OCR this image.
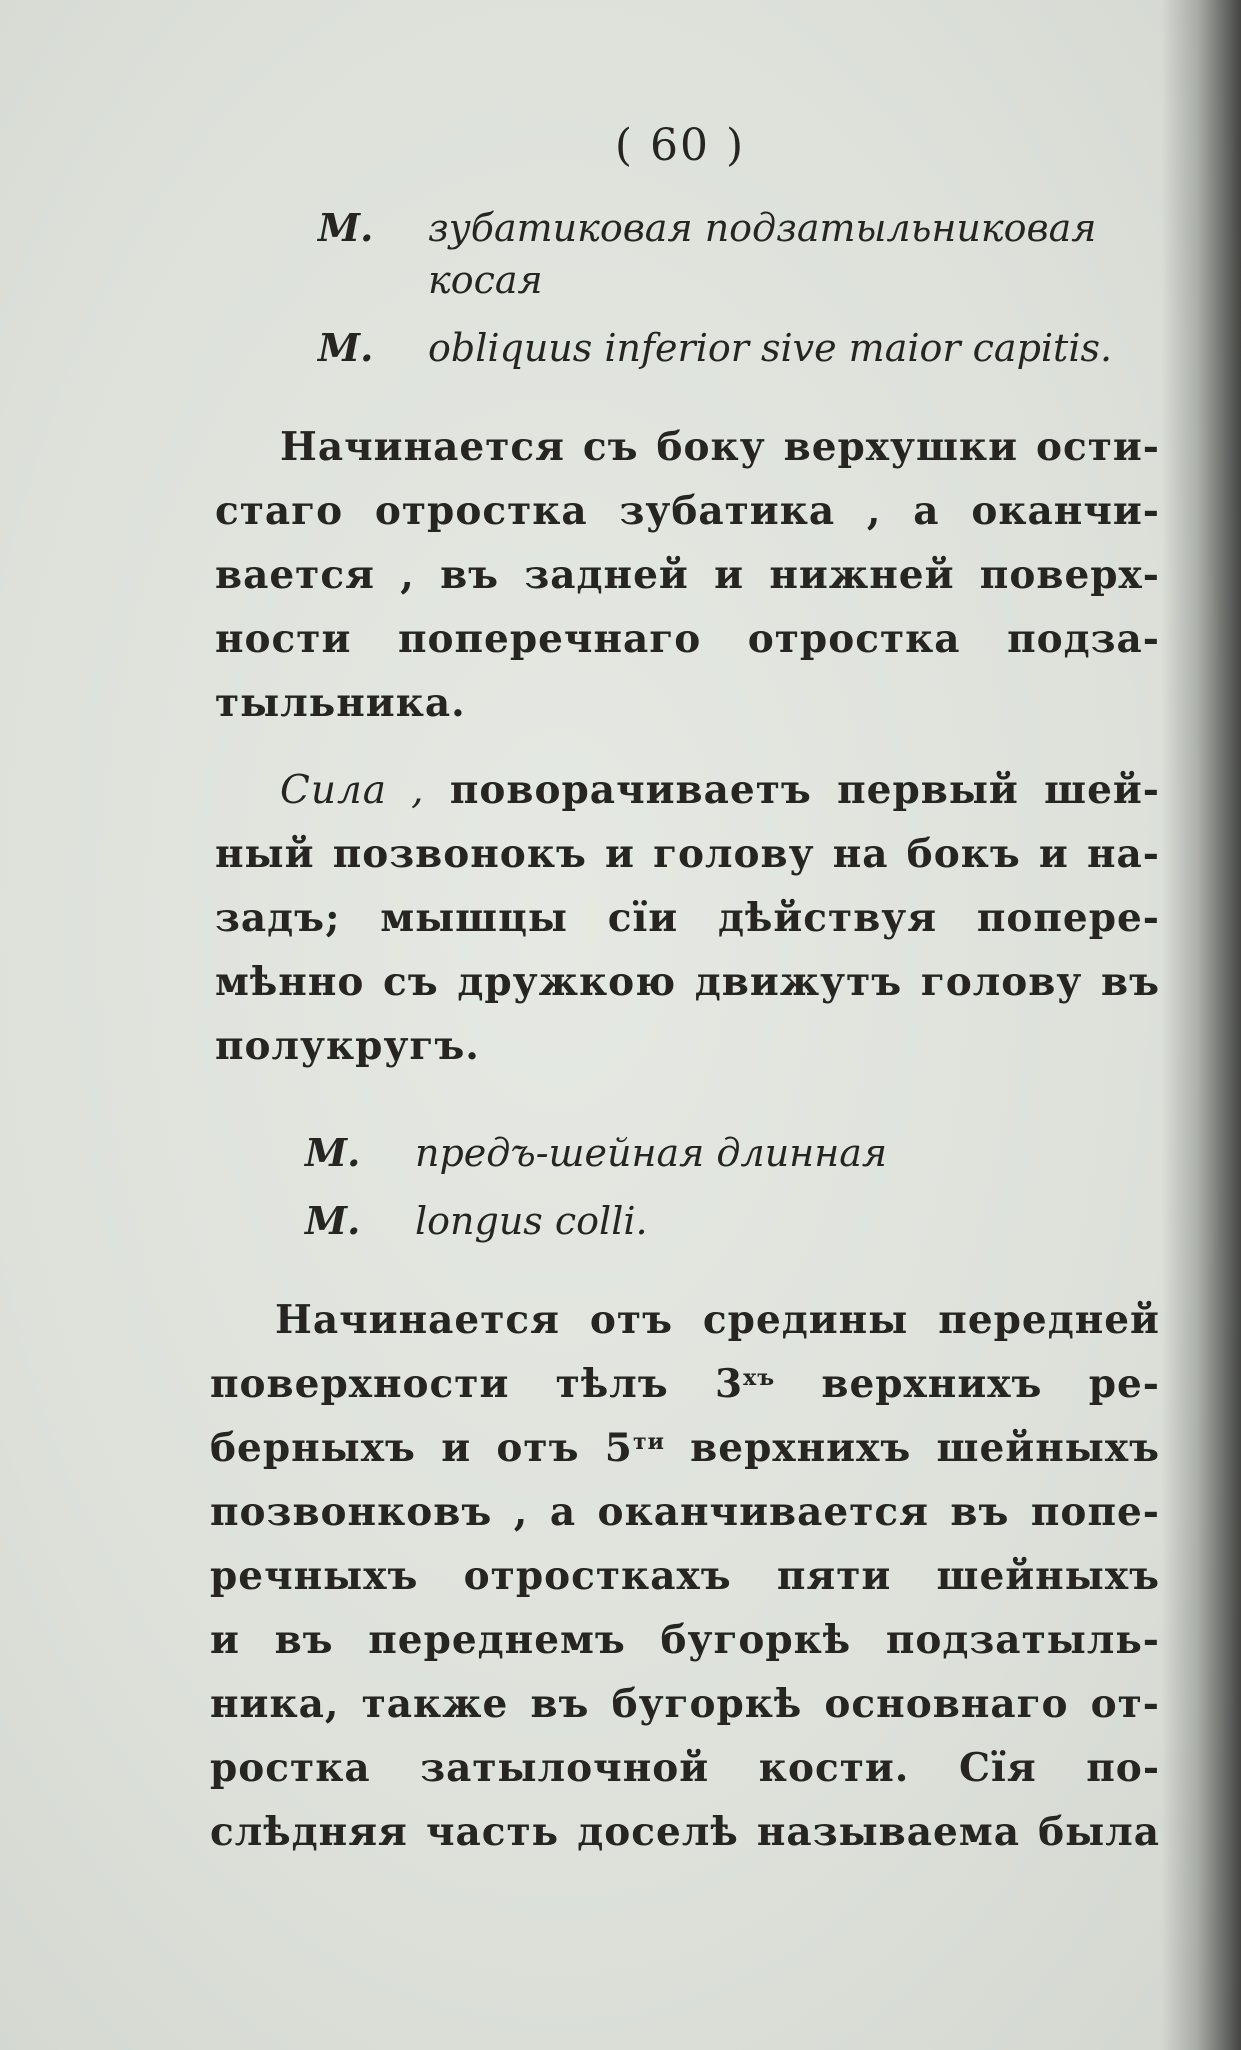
( 60 )
M. зубатиковая подзатыльниковая
косая
M. obliquus inferior sive maior capitis.
Начинается съ боку верхушки ости-
стаго отростка зубатика , а оканчи-
вается , въ задней и нижней поверх-
ности поперечнаго отростка подза-
тыльника.
Сила , поворачиваетъ первый шей-
ный позвонокъ и голову на бокъ и на-
задъ; мышцы сїи дѣйствуя попере-
мѣнно съ дружкою движутъ голову въ
полукругъ.
M. предъ-шейная длинная
M. longus colli.
Начинается отъ средины передней
поверхности тѣлъ $3^{хъ}$ верхнихъ ре-
берныхъ и отъ $5^{ти}$ верхнихъ шейныхъ
позвонковъ , а оканчивается въ попе-
речныхъ отросткахъ пяти шейныхъ
и въ переднемъ бугоркѣ подзатыль-
ника, также въ бугоркѣ основнаго от-
ростка затылочной кости. Сїя по-
слѣдняя часть доселѣ называема была
